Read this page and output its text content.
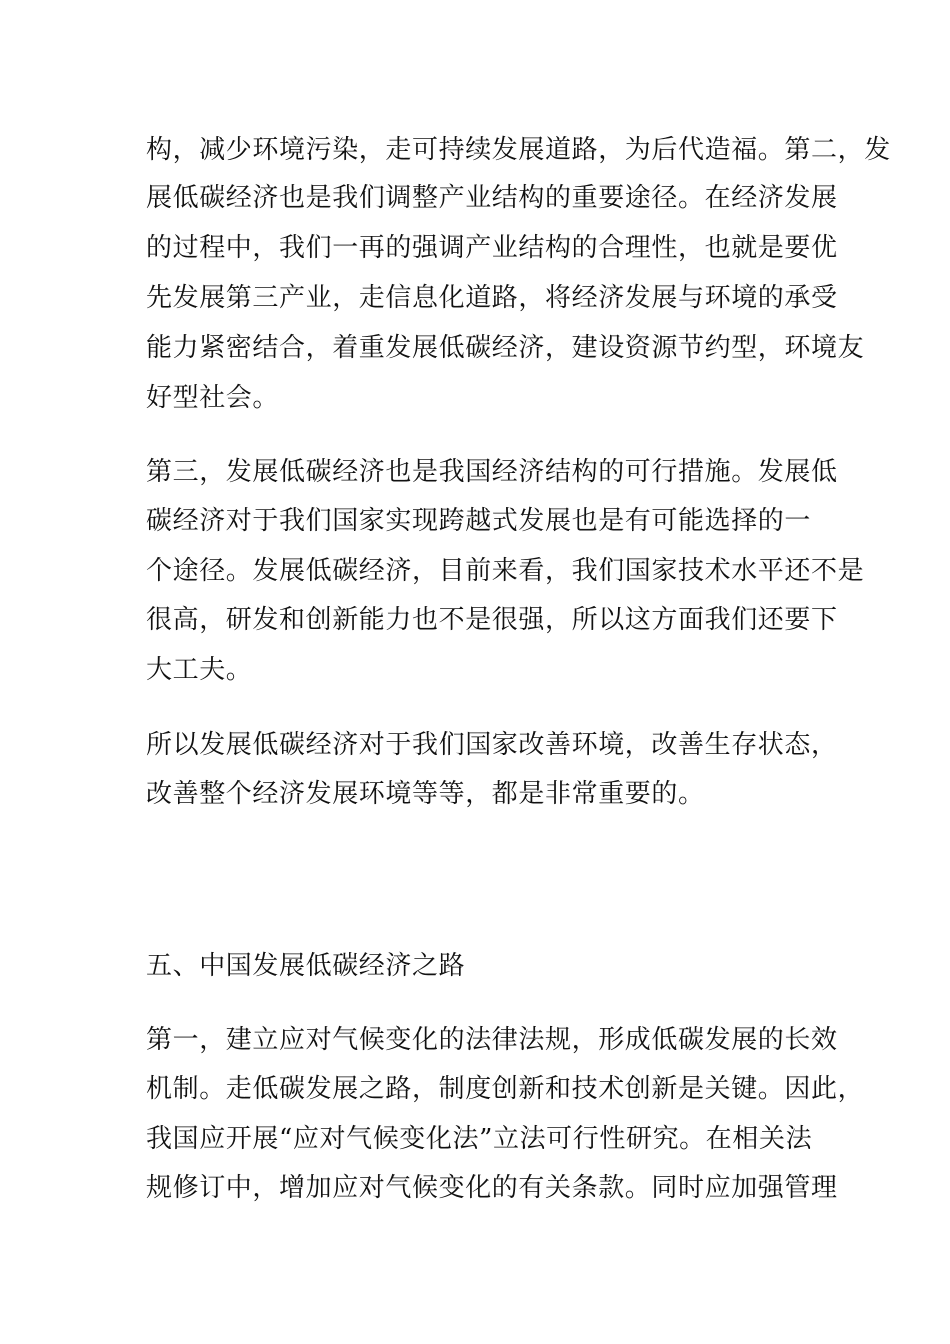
构，减少环境污染，走可持续发展道路，为后代造福。第二，发
展低碳经济也是我们调整产业结构的重要途径。在经济发展
的过程中，我们一再的强调产业结构的合理性，也就是要优
先发展第三产业，走信息化道路，将经济发展与环境的承受
能力紧密结合，着重发展低碳经济，建设资源节约型，环境友
好型社会。
第三，发展低碳经济也是我国经济结构的可行措施。发展低
碳经济对于我们国家实现跨越式发展也是有可能选择的一
个途径。发展低碳经济，目前来看，我们国家技术水平还不是
很高，研发和创新能力也不是很强，所以这方面我们还要下
大工夫。
所以发展低碳经济对于我们国家改善环境，改善生存状态，
改善整个经济发展环境等等，都是非常重要的。
五、中国发展低碳经济之路
第一，建立应对气候变化的法律法规，形成低碳发展的长效
机制。走低碳发展之路，制度创新和技术创新是关键。因此，
我国应开展“应对气候变化法”立法可行性研究。在相关法
规修订中，增加应对气候变化的有关条款。同时应加强管理
